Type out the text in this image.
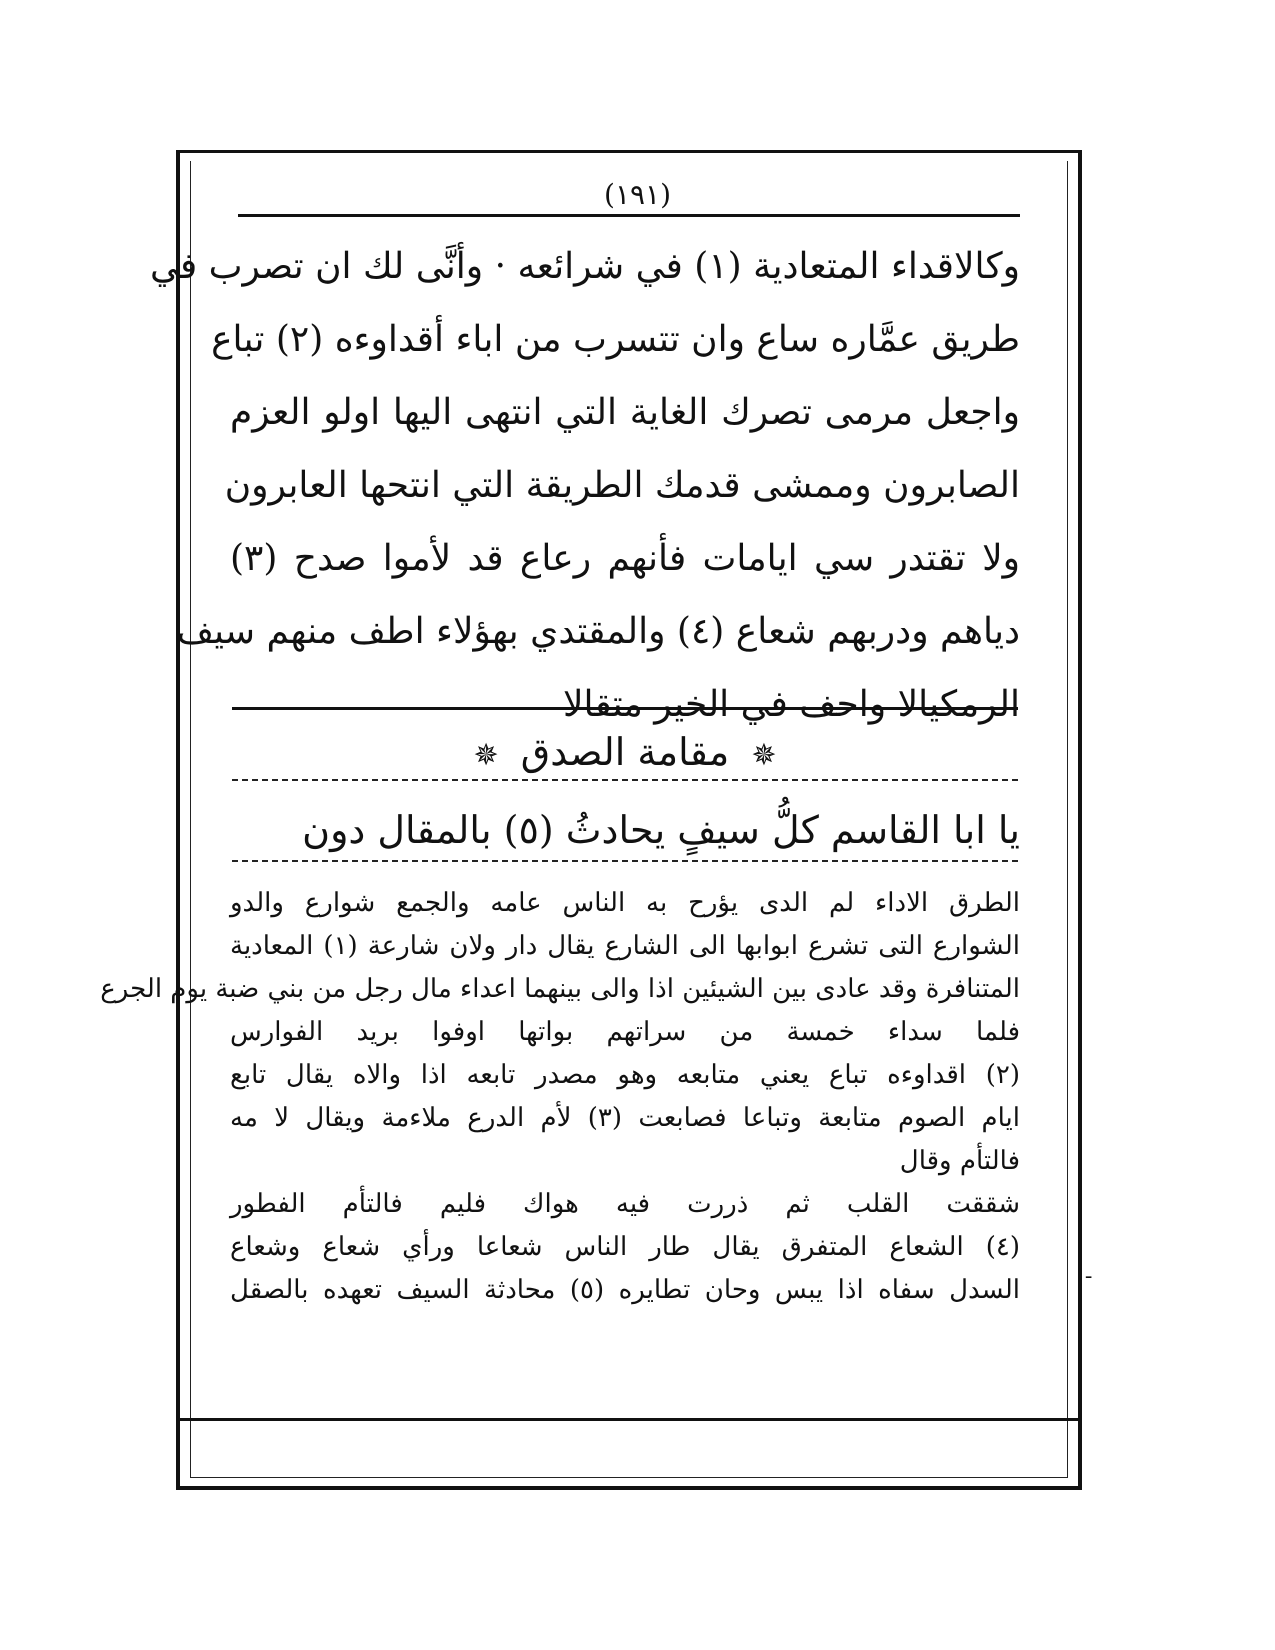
(١٩١)
وكالاقداء المتعادية (١) في شرائعه · وأنَّى لك ان تصرب في
طريق عمَّاره ساع وان تتسرب من اباء أقداوءه (٢) تباع
واجعل مرمى تصرك الغاية التي انتهى اليها اولو العزم
الصابرون وممشى قدمك الطريقة التي انتحها العابرون
ولا تقتدر سي ايامات فأنهم رعاع قد لأموا صدح (٣)
دياهم ودربهم شعاع (٤) والمقتدي بهؤلاء اطف منهم سيف
الرمكيالا واحف في الخير متقالا
✵ مقامة الصدق ✵
يا ابا القاسم كلُّ سيفٍ يحادثُ (٥) بالمقال دون
الطرق الاداء لم الدى يؤرح به الناس عامه والجمع شوارع والدو
الشوارع التى تشرع ابوابها الى الشارع يقال دار ولان شارعة (١) المعادية
المتنافرة وقد عادى بين الشيئين اذا والى بينهما اعداء مال رجل من بني ضبة يوم الجرع
فلما سداء خمسة من سراتهم بواتها اوفوا بريد الفوارس
(٢) اقداوءه تباع يعني متابعه وهو مصدر تابعه اذا والاه يقال تابع
ايام الصوم متابعة وتباعا فصابعت (٣) لأم الدرع ملاءمة ويقال لا مه
فالتأم وقال
شققت القلب ثم ذررت فيه هواك فليم فالتأم الفطور
(٤) الشعاع المتفرق يقال طار الناس شعاعا ورأي شعاع وشعاع
السدل سفاه اذا يبس وحان تطايره (٥) محادثة السيف تعهده بالصقل
ـ
